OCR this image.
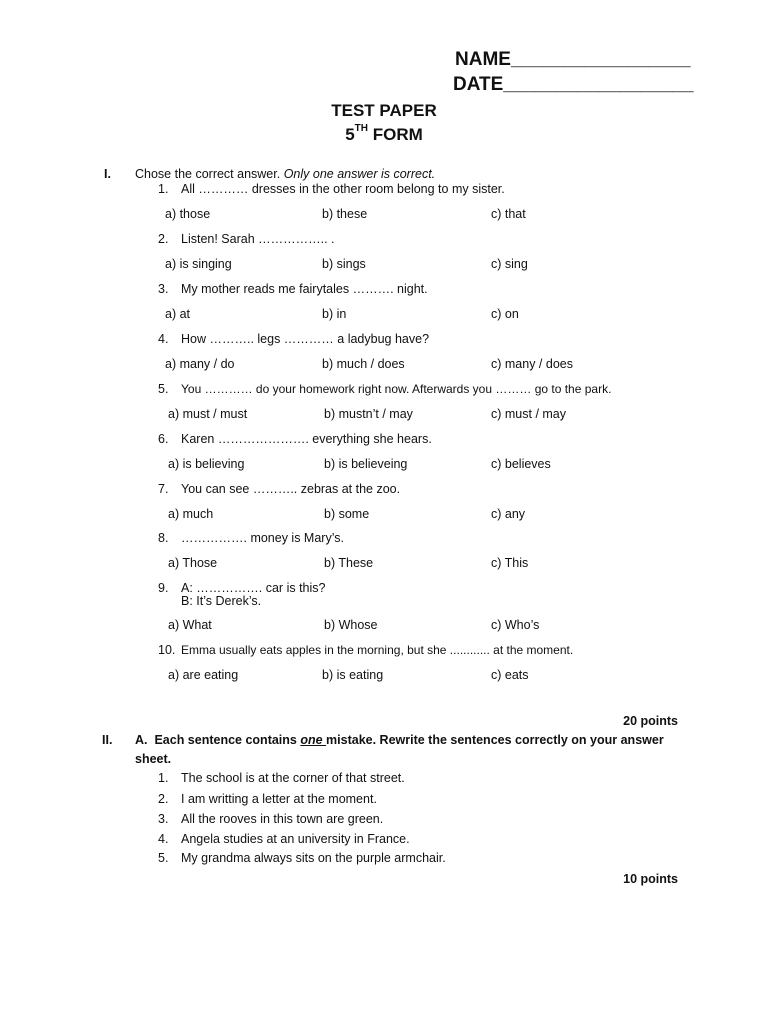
NAME_________________
DATE__________________
TEST PAPER
5TH FORM
I. Chose the correct answer. Only one answer is correct.
1. All ………… dresses in the other room belong to my sister.
a) those	b) these	c) that
2. Listen! Sarah …………….. .
a) is singing	b) sings	c) sing
3. My mother reads me fairytales ………. night.
a) at	b) in	c) on
4. How ……….. legs ………… a ladybug have?
a) many / do	b) much / does	c) many / does
5. You ………… do your homework right now. Afterwards you ……… go to the park.
a) must / must	b) mustn’t / may	c) must / may
6. Karen …………………. everything she hears.
a) is believing	b) is believeing	c) believes
7. You can see ……….. zebras at the zoo.
a) much	b) some	c) any
8. ……………. money is Mary’s.
a) Those	b) These	c) This
9. A: ……………. car is this?
B: It’s Derek’s.
a) What	b) Whose	c) Who’s
10. Emma usually eats apples in the morning, but she ............ at the moment.
a) are eating	b) is eating	c) eats
20 points
II. A. Each sentence contains one mistake. Rewrite the sentences correctly on your answer
sheet.
1. The school is at the corner of that street.
2. I am writting a letter at the moment.
3. All the rooves in this town are green.
4. Angela studies at an university in France.
5. My grandma always sits on the purple armchair.
10 points
